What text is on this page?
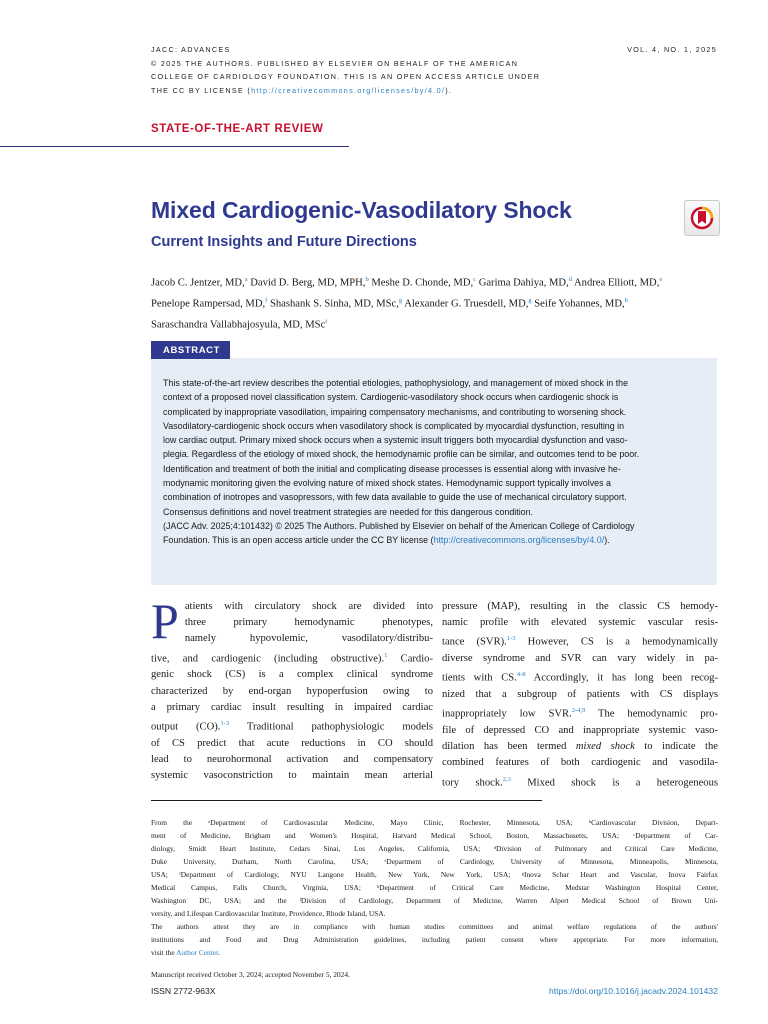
JACC: ADVANCES
© 2025 THE AUTHORS. PUBLISHED BY ELSEVIER ON BEHALF OF THE AMERICAN
COLLEGE OF CARDIOLOGY FOUNDATION. THIS IS AN OPEN ACCESS ARTICLE UNDER
THE CC BY LICENSE (http://creativecommons.org/licenses/by/4.0/).
VOL. 4, NO. 1, 2025
STATE-OF-THE-ART REVIEW
Mixed Cardiogenic-Vasodilatory Shock
Current Insights and Future Directions
Jacob C. Jentzer, MD,$^a$ David D. Berg, MD, MPH,$^b$ Meshe D. Chonde, MD,$^c$ Garima Dahiya, MD,$^d$ Andrea Elliott, MD,$^e$
Penelope Rampersad, MD,$^f$ Shashank S. Sinha, MD, MSc,$^g$ Alexander G. Truesdell, MD,$^g$ Seife Yohannes, MD,$^h$
Saraschandra Vallabhajosyula, MD, MSc$^i$
ABSTRACT
This state-of-the-art review describes the potential etiologies, pathophysiology, and management of mixed shock in the
context of a proposed novel classification system. Cardiogenic-vasodilatory shock occurs when cardiogenic shock is
complicated by inappropriate vasodilation, impairing compensatory mechanisms, and contributing to worsening shock.
Vasodilatory-cardiogenic shock occurs when vasodilatory shock is complicated by myocardial dysfunction, resulting in
low cardiac output. Primary mixed shock occurs when a systemic insult triggers both myocardial dysfunction and vaso-
plegia. Regardless of the etiology of mixed shock, the hemodynamic profile can be similar, and outcomes tend to be poor.
Identification and treatment of both the initial and complicating disease processes is essential along with invasive he-
modynamic monitoring given the evolving nature of mixed shock states. Hemodynamic support typically involves a
combination of inotropes and vasopressors, with few data available to guide the use of mechanical circulatory support.
Consensus definitions and novel treatment strategies are needed for this dangerous condition.
(JACC Adv. 2025;4:101432) © 2025 The Authors. Published by Elsevier on behalf of the American College of Cardiology
Foundation. This is an open access article under the CC BY license (http://creativecommons.org/licenses/by/4.0/).
P atients with circulatory shock are divided into
three primary hemodynamic phenotypes,
namely hypovolemic, vasodilatory/distribu-
tive, and cardiogenic (including obstructive).$^1$ Cardio-
genic shock (CS) is a complex clinical syndrome
characterized by end-organ hypoperfusion owing to
a primary cardiac insult resulting in impaired cardiac
output (CO).$^{1-3}$ Traditional pathophysiologic models
of CS predict that acute reductions in CO should
lead to neurohormonal activation and compensatory
systemic vasoconstriction to maintain mean arterial
pressure (MAP), resulting in the classic CS hemody-
namic profile with elevated systemic vascular resis-
tance (SVR).$^{1-3}$ However, CS is a hemodynamically
diverse syndrome and SVR can vary widely in pa-
tients with CS.$^{4-8}$ Accordingly, it has long been recog-
nized that a subgroup of patients with CS displays
inappropriately low SVR.$^{2-4,9}$ The hemodynamic pro-
file of depressed CO and inappropriate systemic vaso-
dilation has been termed mixed shock to indicate the
combined features of both cardiogenic and vasodila-
tory shock.$^{2,3}$ Mixed shock is a heterogeneous
From the ᵃDepartment of Cardiovascular Medicine, Mayo Clinic, Rochester, Minnesota, USA; ᵇCardiovascular Division, Depart-
ment of Medicine, Brigham and Women's Hospital, Harvard Medical School, Boston, Massachusetts, USA; ᶜDepartment of Car-
diology, Smidt Heart Institute, Cedars Sinai, Los Angeles, California, USA; ᵈDivision of Pulmonary and Critical Care Medicine,
Duke University, Durham, North Carolina, USA; ᵉDepartment of Cardiology, University of Minnesota, Minneapolis, Minnesota,
USA; ᶠDepartment of Cardiology, NYU Langone Health, New York, New York, USA; ᵍInova Schar Heart and Vascular, Inova Fairfax
Medical Campus, Falls Church, Virginia, USA; ʰDepartment of Critical Care Medicine, Medstar Washington Hospital Center,
Washington DC, USA; and the ⁱDivision of Cardiology, Department of Medicine, Warren Alpert Medical School of Brown Uni-
versity, and Lifespan Cardiovascular Institute, Providence, Rhode Island, USA.
The authors attest they are in compliance with human studies committees and animal welfare regulations of the authors'
institutions and Food and Drug Administration guidelines, including patient consent where appropriate. For more information,
visit the Author Center.
Manuscript received October 3, 2024; accepted November 5, 2024.
ISSN 2772-963X	https://doi.org/10.1016/j.jacadv.2024.101432
